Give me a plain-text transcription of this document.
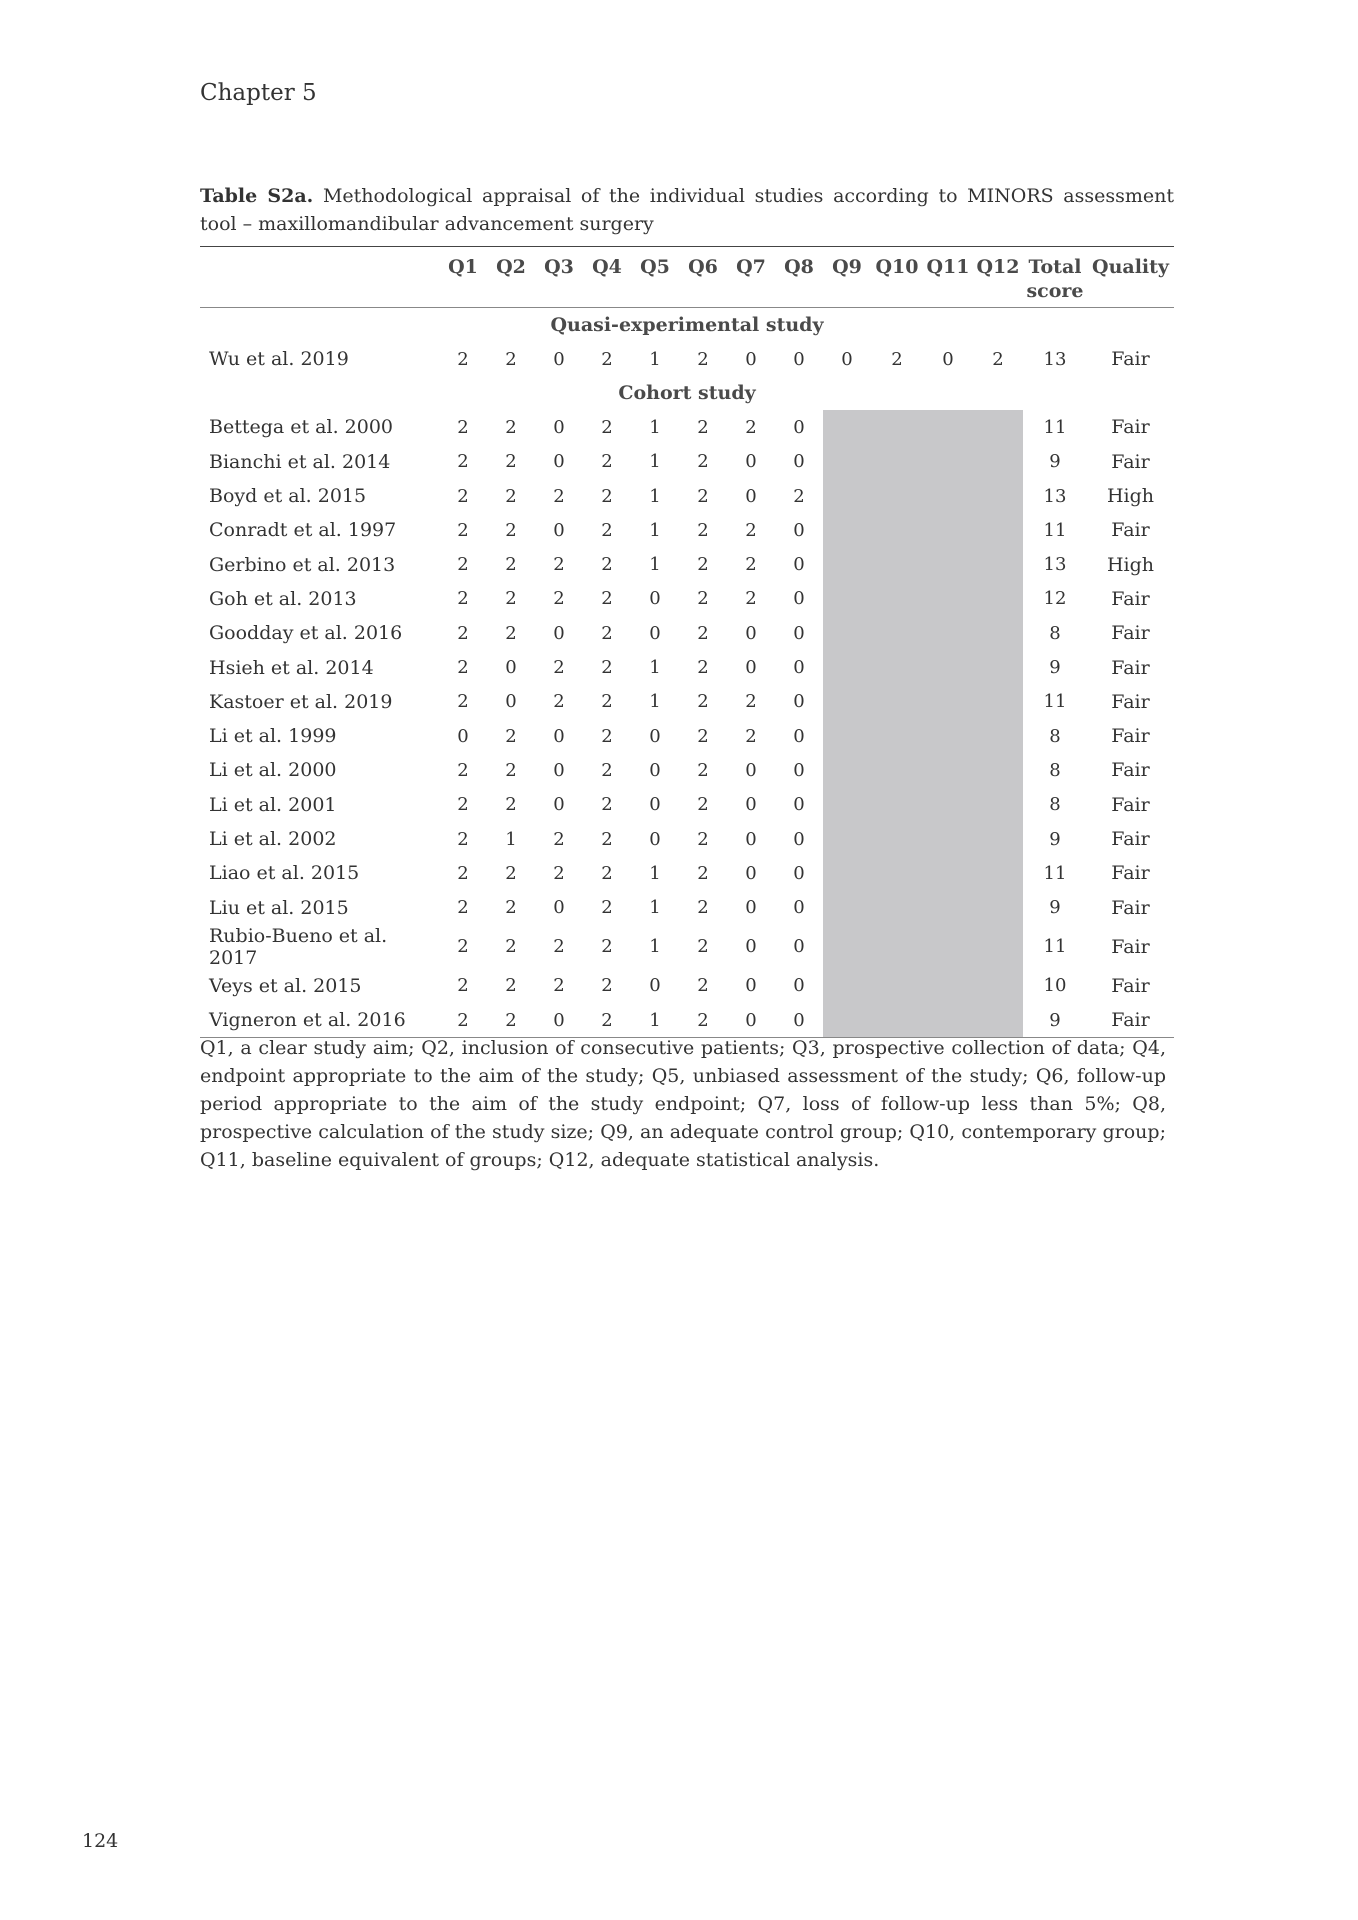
Chapter 5
Table S2a. Methodological appraisal of the individual studies according to MINORS assessment tool – maxillomandibular advancement surgery
	Q1	Q2	Q3	Q4	Q5	Q6	Q7	Q8	Q9	Q10	Q11	Q12	Total score	Quality
Quasi-experimental study														
Wu et al. 2019	2	2	0	2	1	2	0	0	0	2	0	2	13	Fair
Cohort study														
Bettega et al. 2000	2	2	0	2	1	2	2	0					11	Fair
Bianchi et al. 2014	2	2	0	2	1	2	0	0					9	Fair
Boyd et al. 2015	2	2	2	2	1	2	0	2					13	High
Conradt et al. 1997	2	2	0	2	1	2	2	0					11	Fair
Gerbino et al. 2013	2	2	2	2	1	2	2	0					13	High
Goh et al. 2013	2	2	2	2	0	2	2	0					12	Fair
Goodday et al. 2016	2	2	0	2	0	2	0	0					8	Fair
Hsieh et al. 2014	2	0	2	2	1	2	0	0					9	Fair
Kastoer et al. 2019	2	0	2	2	1	2	2	0					11	Fair
Li et al. 1999	0	2	0	2	0	2	2	0					8	Fair
Li et al. 2000	2	2	0	2	0	2	0	0					8	Fair
Li et al. 2001	2	2	0	2	0	2	0	0					8	Fair
Li et al. 2002	2	1	2	2	0	2	0	0					9	Fair
Liao et al. 2015	2	2	2	2	1	2	0	0					11	Fair
Liu et al. 2015	2	2	0	2	1	2	0	0					9	Fair
Rubio-Bueno et al. 2017	2	2	2	2	1	2	0	0					11	Fair
Veys et al. 2015	2	2	2	2	0	2	0	0					10	Fair
Vigneron et al. 2016	2	2	0	2	1	2	0	0					9	Fair
Q1, a clear study aim; Q2, inclusion of consecutive patients; Q3, prospective collection of data; Q4, endpoint appropriate to the aim of the study; Q5, unbiased assessment of the study; Q6, follow-up period appropriate to the aim of the study endpoint; Q7, loss of follow-up less than 5%; Q8, prospective calculation of the study size; Q9, an adequate control group; Q10, contemporary group; Q11, baseline equivalent of groups; Q12, adequate statistical analysis.
124
